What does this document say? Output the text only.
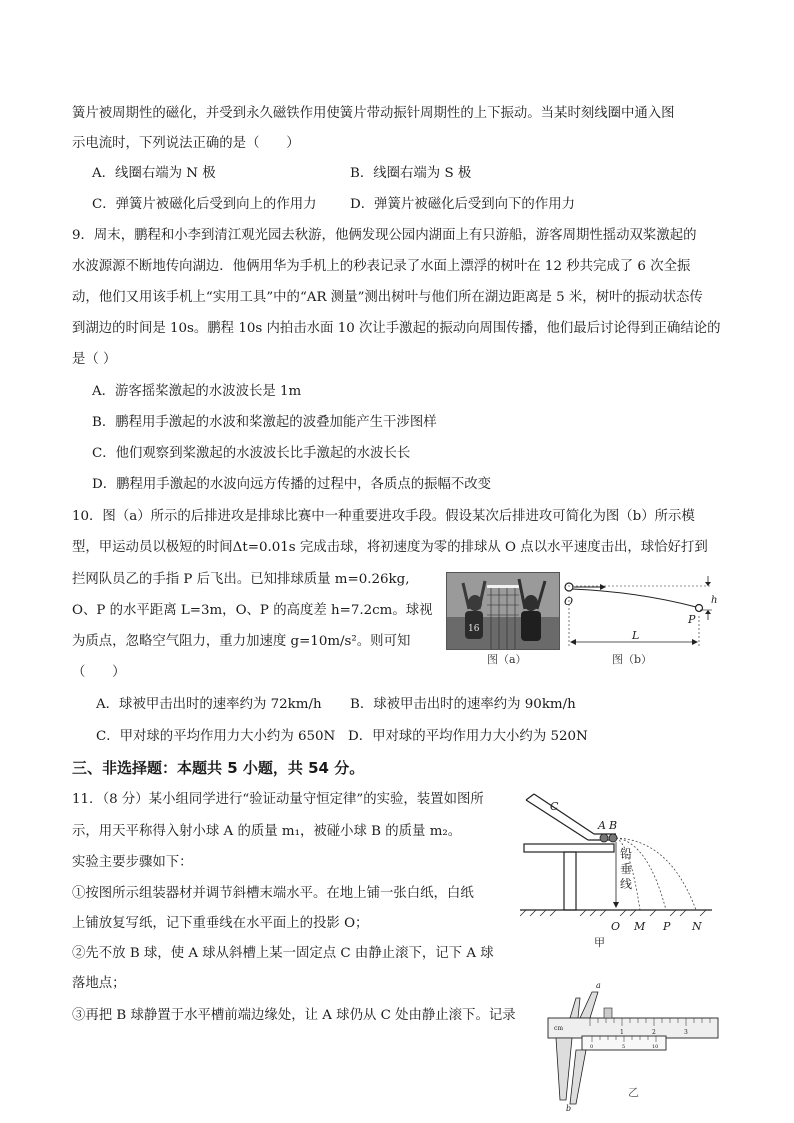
簧片被周期性的磁化，并受到永久磁铁作用使簧片带动振针周期性的上下振动。当某时刻线圈中通入图
示电流时，下列说法正确的是（　　）
A．线圈右端为 N 极	B．线圈右端为 S 极
C．弹簧片被磁化后受到向上的作用力	D．弹簧片被磁化后受到向下的作用力
9．周末，鹏程和小李到清江观光园去秋游，他俩发现公园内湖面上有只游船，游客周期性摇动双桨激起的
水波源源不断地传向湖边．他俩用华为手机上的秒表记录了水面上漂浮的树叶在 12 秒共完成了 6 次全振
动，他们又用该手机上“实用工具”中的“AR 测量”测出树叶与他们所在湖边距离是 5 米，树叶的振动状态传
到湖边的时间是 10s。鹏程 10s 内拍击水面 10 次让手激起的振动向周围传播，他们最后讨论得到正确结论的
是（ ）
A．游客摇桨激起的水波波长是 1m
B．鹏程用手激起的水波和桨激起的波叠加能产生干涉图样
C．他们观察到桨激起的水波波长比手激起的水波长长
D．鹏程用手激起的水波向远方传播的过程中，各质点的振幅不改变
10．图（a）所示的后排进攻是排球比赛中一种重要进攻手段。假设某次后排进攻可简化为图（b）所示模
型，甲运动员以极短的时间Δt=0.01s 完成击球，将初速度为零的排球从 O 点以水平速度击出，球恰好打到
拦网队员乙的手指 P 后飞出。已知排球质量 m=0.26kg,
O、P 的水平距离 L=3m，O、P 的高度差 h=7.2cm。球视
为质点，忽略空气阻力，重力加速度 g=10m/s²。则可知
（　　）
16
图（a）
h
O
P
L
图（b）
A．球被甲击出时的速率约为 72km/h B．球被甲击出时的速率约为 90km/h
C．甲对球的平均作用力大小约为 650N D．甲对球的平均作用力大小约为 520N
三、非选择题：本题共 5 小题，共 54 分。
11．（8 分）某小组同学进行“验证动量守恒定律”的实验，装置如图所
示，用天平称得入射小球 A 的质量 m₁，被碰小球 B 的质量 m₂。
实验主要步骤如下：
①按图所示组装器材并调节斜槽末端水平。在地上铺一张白纸，白纸
上铺放复写纸，记下重垂线在水平面上的投影 O；
②先不放 B 球，使 A 球从斜槽上某一固定点 C 由静止滚下，记下 A 球
落地点；
③再把 B 球静置于水平槽前端边缘处，让 A 球仍从 C 处由静止滚下。记录
C
A B
铅垂线
O M P N
甲
a
cm
1	2	3
0	5	10
b
乙
